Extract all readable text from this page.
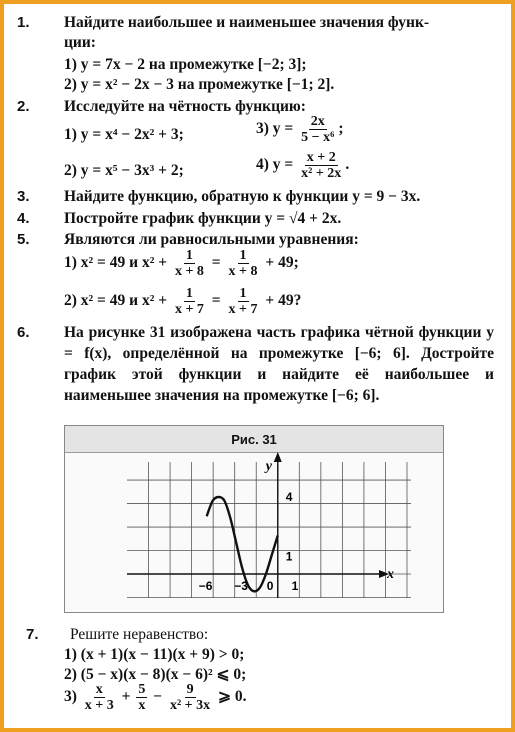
1. Найдите наибольшее и наименьшее значения функ-
ции:
1) y = 7x − 2 на промежутке [−2; 3];
2) y = x² − 2x − 3 на промежутке [−1; 2].
2. Исследуйте на чётность функцию:
1) y = x⁴ − 2x² + 3;	3) $y = \frac{2x}{\text{5 − x⁶}}$ ;
2) y = x⁵ − 3x³ + 2;	4) $y = \frac{x + 2}{\text{x² + 2x}}$ .
3. Найдите функцию, обратную к функции y = 9 − 3x.
4. Постройте график функции y = √4 + 2x.
5. Являются ли равносильными уравнения:
1) x² = 49 и $x^2 + \frac{1}{x + 8} = \frac{1}{x + 8} + 49$;
2) x² = 49 и $x^2 + \frac{1}{x + 7} = \frac{1}{x + 7} + 49$?
6. На рисунке 31 изображена часть графика чётной функции y = f(x), определённой на промежутке [−6; 6]. Достройте график этой функции и найдите её наибольшее и наименьшее значения на промежутке [−6; 6].
Рис. 31
y
x
4
1
−6 −3 0 1
7. Решите неравенство:
1) (x + 1)(x − 11)(x + 9) > 0;
2) (5 − x)(x − 8)(x − 6)² ⩽ 0;
$3) \frac{x}{x + 3} + \frac{5}{x} - \frac{9}{\text{x² + 3x}}$ ⩾ 0.
